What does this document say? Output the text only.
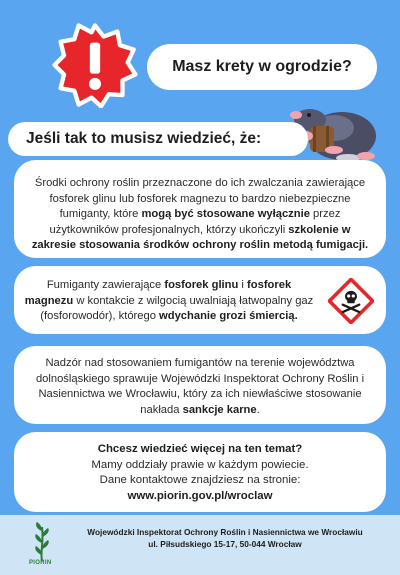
Masz krety w ogrodzie?
Jeśli tak to musisz wiedzieć, że:
Środki ochrony roślin przeznaczone do ich zwalczania zawierające fosforek glinu lub fosforek magnezu to bardzo niebezpieczne fumiganty, które mogą być stosowane wyłącznie przez użytkowników profesjonalnych, którzy ukończyli szkolenie w zakresie stosowania środków ochrony roślin metodą fumigacji.
Fumiganty zawierające fosforek glinu i fosforek magnezu w kontakcie z wilgocią uwalniają łatwopalny gaz (fosforowodór), którego wdychanie grozi śmiercią.
Nadzór nad stosowaniem fumigantów na terenie województwa dolnośląskiego sprawuje Wojewódzki Inspektorat Ochrony Roślin i Nasiennictwa we Wrocławiu, który za ich niewłaściwe stosowanie nakłada sankcje karne.
Chcesz wiedzieć więcej na ten temat?
Mamy oddziały prawie w każdym powiecie.
Dane kontaktowe znajdziesz na stronie:
www.piorin.gov.pl/wroclaw
PIORIN
Wojewódzki Inspektorat Ochrony Roślin i Nasiennictwa we Wrocławiu
ul. Piłsudskiego 15-17, 50-044 Wrocław
